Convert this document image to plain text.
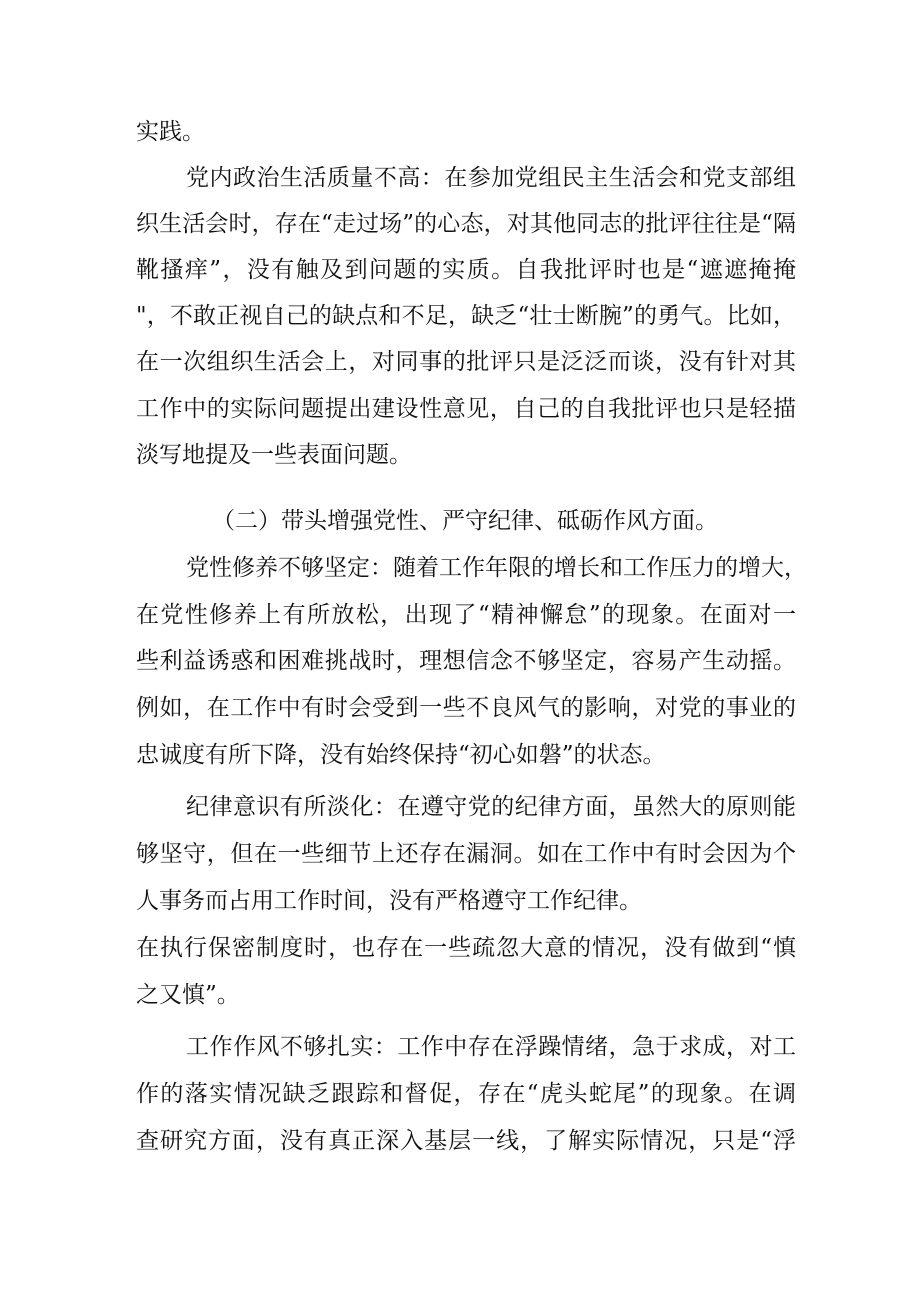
实践。
党内政治生活质量不高：在参加党组民主生活会和党支部组
织生活会时，存在“走过场”的心态，对其他同志的批评往往是“隔
靴搔痒”，没有触及到问题的实质。自我批评时也是“遮遮掩掩
"，不敢正视自己的缺点和不足，缺乏“壮士断腕”的勇气。比如，
在一次组织生活会上，对同事的批评只是泛泛而谈，没有针对其
工作中的实际问题提出建设性意见，自己的自我批评也只是轻描
淡写地提及一些表面问题。
（二）带头增强党性、严守纪律、砥砺作风方面。
党性修养不够坚定：随着工作年限的增长和工作压力的增大，
在党性修养上有所放松，出现了“精神懈怠”的现象。在面对一
些利益诱惑和困难挑战时，理想信念不够坚定，容易产生动摇。
例如，在工作中有时会受到一些不良风气的影响，对党的事业的
忠诚度有所下降，没有始终保持“初心如磐”的状态。
纪律意识有所淡化：在遵守党的纪律方面，虽然大的原则能
够坚守，但在一些细节上还存在漏洞。如在工作中有时会因为个
人事务而占用工作时间，没有严格遵守工作纪律。
在执行保密制度时，也存在一些疏忽大意的情况，没有做到“慎
之又慎”。
工作作风不够扎实：工作中存在浮躁情绪，急于求成，对工
作的落实情况缺乏跟踪和督促，存在“虎头蛇尾”的现象。在调
查研究方面，没有真正深入基层一线，了解实际情况，只是“浮
